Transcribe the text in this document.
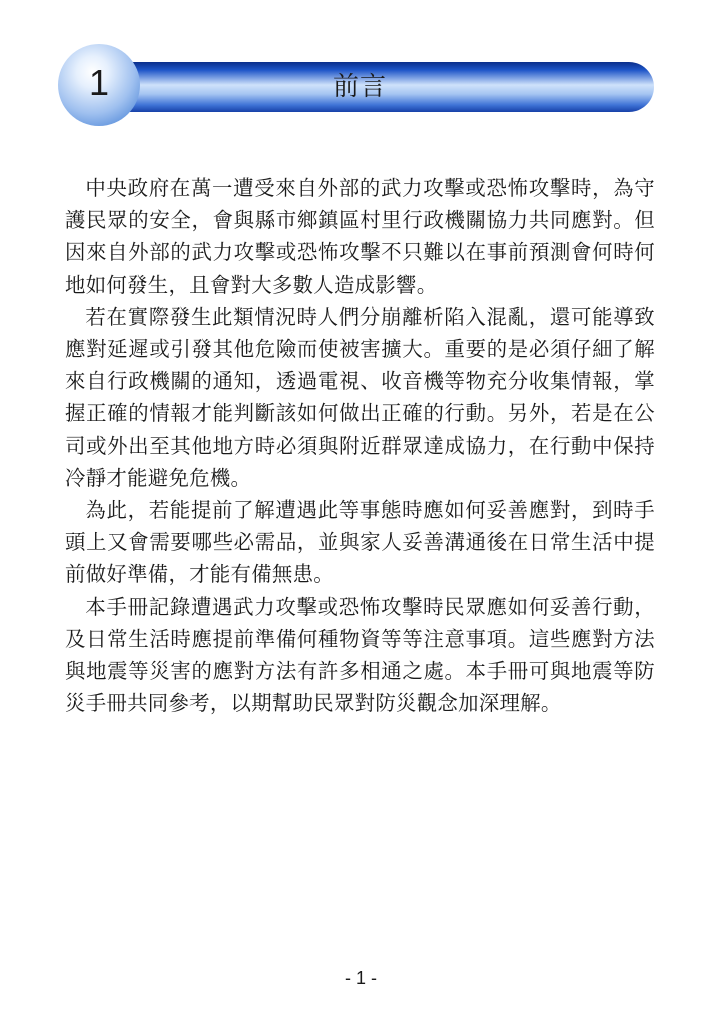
前言
1

中央政府在萬一遭受來自外部的武力攻擊或恐怖攻擊時，為守護民眾的安全，會與縣市鄉鎮區村里行政機關協力共同應對。但因來自外部的武力攻擊或恐怖攻擊不只難以在事前預測會何時何地如何發生，且會對大多數人造成影響。

若在實際發生此類情況時人們分崩離析陷入混亂，還可能導致應對延遲或引發其他危險而使被害擴大。重要的是必須仔細了解來自行政機關的通知，透過電視、收音機等物充分收集情報，掌握正確的情報才能判斷該如何做出正確的行動。另外，若是在公司或外出至其他地方時必須與附近群眾達成協力，在行動中保持冷靜才能避免危機。

為此，若能提前了解遭遇此等事態時應如何妥善應對，到時手頭上又會需要哪些必需品，並與家人妥善溝通後在日常生活中提前做好準備，才能有備無患。

本手冊記錄遭遇武力攻擊或恐怖攻擊時民眾應如何妥善行動，及日常生活時應提前準備何種物資等等注意事項。這些應對方法與地震等災害的應對方法有許多相通之處。本手冊可與地震等防災手冊共同參考，以期幫助民眾對防災觀念加深理解。

- 1 -
